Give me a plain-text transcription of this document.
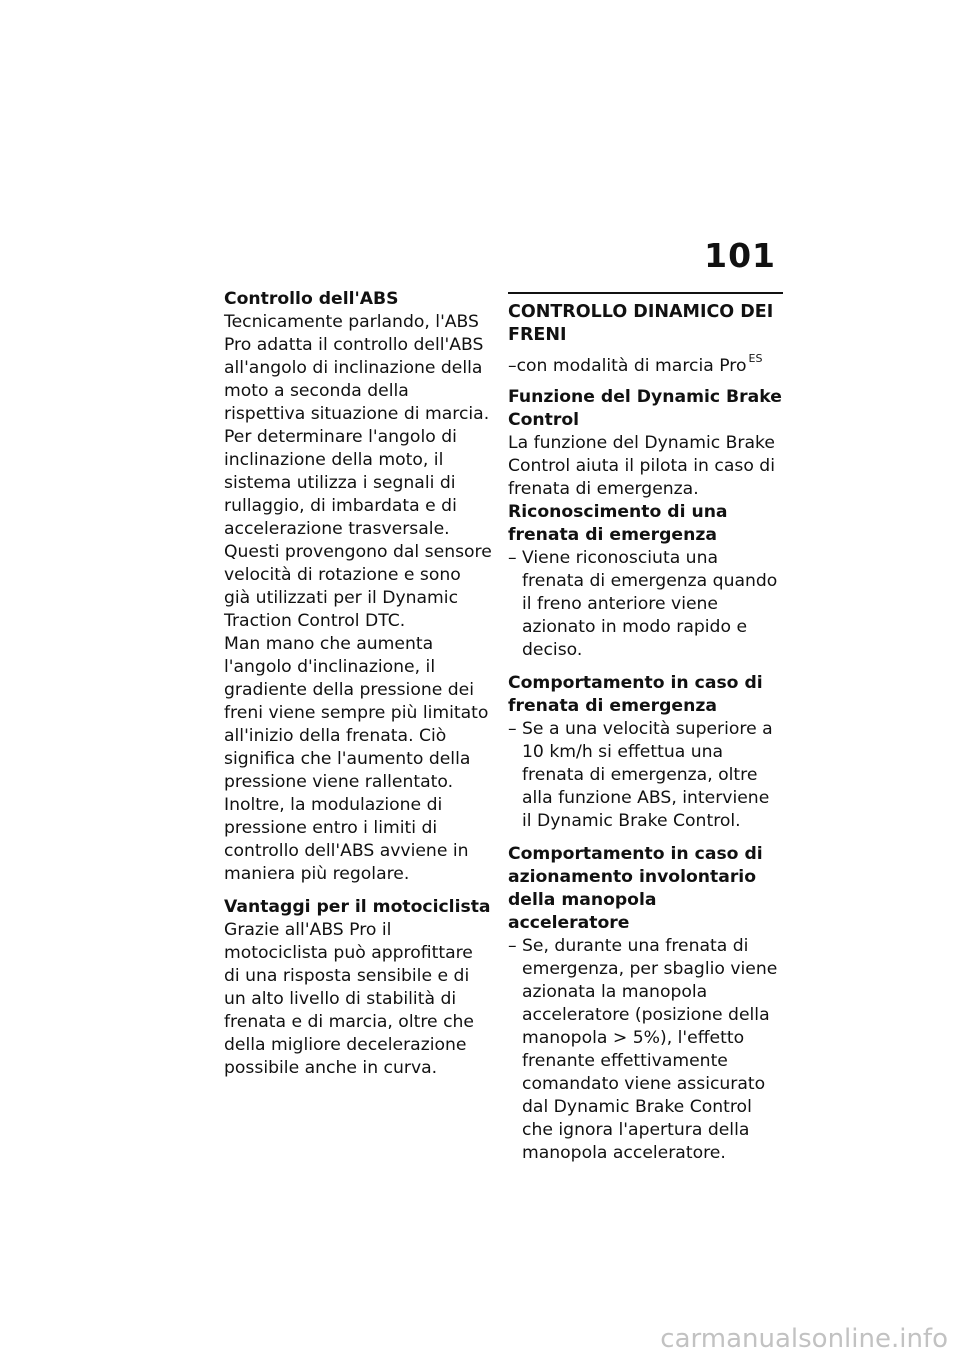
101

Controllo dell'ABS

Tecnicamente parlando, l'ABS Pro adatta il controllo dell'ABS all'angolo di inclinazione della moto a seconda della rispettiva situazione di marcia. Per determinare l'angolo di inclinazione della moto, il sistema utilizza i segnali di rullaggio, di imbardata e di accelerazione trasversale. Questi provengono dal sensore velocità di rotazione e sono già utilizzati per il Dynamic Traction Control DTC.

Man mano che aumenta l'angolo d'inclinazione, il gradiente della pressione dei freni viene sempre più limitato all'inizio della frenata. Ciò significa che l'aumento della pressione viene rallentato. Inoltre, la modulazione di pressione entro i limiti di controllo dell'ABS avviene in maniera più regolare.

Vantaggi per il motociclista

Grazie all'ABS Pro il motociclista può approfittare di una risposta sensibile e di un alto livello di stabilità di frenata e di marcia, oltre che della migliore decelerazione possibile anche in curva.

CONTROLLO DINAMICO DEI FRENI

–con modalità di marcia Pro $^{ES}$

Funzione del Dynamic Brake Control

La funzione del Dynamic Brake Control aiuta il pilota in caso di frenata di emergenza.

Riconoscimento di una frenata di emergenza

– Viene riconosciuta una frenata di emergenza quando il freno anteriore viene azionato in modo rapido e deciso.

Comportamento in caso di frenata di emergenza

– Se a una velocità superiore a 10 km/h si effettua una frenata di emergenza, oltre alla funzione ABS, interviene il Dynamic Brake Control.

Comportamento in caso di azionamento involontario della manopola acceleratore

– Se, durante una frenata di emergenza, per sbaglio viene azionata la manopola acceleratore (posizione della manopola > 5%), l'effetto frenante effettivamente comandato viene assicurato dal Dynamic Brake Control che ignora l'apertura della manopola acceleratore.
carmanualsonline.info
